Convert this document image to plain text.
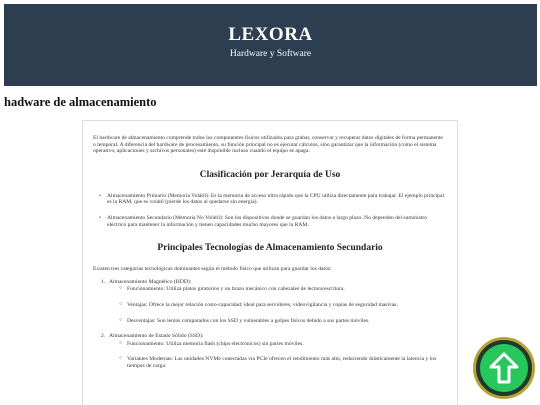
LEXORA
Hardware y Software
hadware de almacenamiento

El hardware de almacenamiento comprende todos los componentes físicos utilizados para grabar, conservar y recuperar datos digitales de forma permanente o temporal. A diferencia del hardware de procesamiento, su función principal no es ejecutar cálculos, sino garantizar que la información (como el sistema operativo, aplicaciones y archivos personales) esté disponible incluso cuando el equipo se apaga.

Clasificación por Jerarquía de Uso
• Almacenamiento Primario (Memoria Volátil): Es la memoria de acceso ultra rápido que la CPU utiliza directamente para trabajar. El ejemplo principal es la RAM, que es volátil (pierde los datos al quedarse sin energía).
• Almacenamiento Secundario (Memoria No Volátil): Son los dispositivos donde se guardan los datos a largo plazo. No dependen del suministro eléctrico para mantener la información y tienen capacidades mucho mayores que la RAM.
Principales Tecnologías de Almacenamiento Secundario

Existen tres categorías tecnológicas dominantes según el método físico que utilizan para guardar los datos:

1. Almacenamiento Magnético (HDD):
○ Funcionamiento: Utiliza platos giratorios y un brazo mecánico con cabezales de lectura/escritura.
○ Ventajas: Ofrece la mejor relación costo-capacidad; ideal para servidores, videovigilancia y copias de seguridad masivas.
○ Desventajas: Son lentos comparados con los SSD y vulnerables a golpes físicos debido a sus partes móviles.
2. Almacenamiento de Estado Sólido (SSD):
○ Funcionamiento: Utiliza memoria flash (chips electrónicos) sin partes móviles.
○ Variantes Modernas: Las unidades NVMe conectadas vía PCIe ofrecen el rendimiento más alto, reduciendo drásticamente la latencia y los tiempos de carga.
